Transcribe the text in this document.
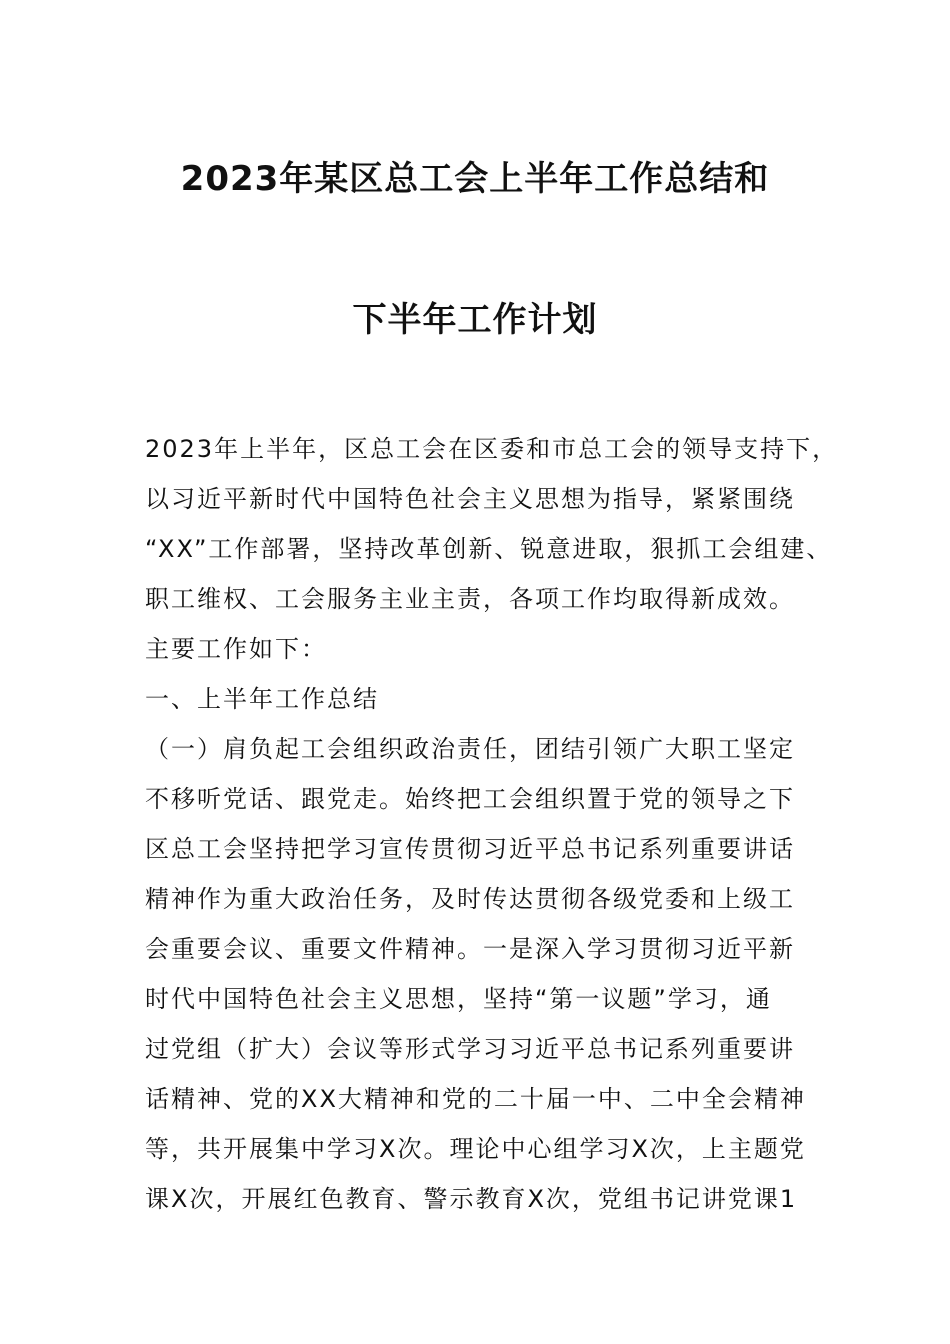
2023年某区总工会上半年工作总结和
下半年工作计划
2023年上半年，区总工会在区委和市总工会的领导支持下，
以习近平新时代中国特色社会主义思想为指导，紧紧围绕
“XX”工作部署，坚持改革创新、锐意进取，狠抓工会组建、
职工维权、工会服务主业主责，各项工作均取得新成效。
主要工作如下：
一、上半年工作总结
（一）肩负起工会组织政治责任，团结引领广大职工坚定
不移听党话、跟党走。始终把工会组织置于党的领导之下
区总工会坚持把学习宣传贯彻习近平总书记系列重要讲话
精神作为重大政治任务，及时传达贯彻各级党委和上级工
会重要会议、重要文件精神。一是深入学习贯彻习近平新
时代中国特色社会主义思想，坚持“第一议题”学习，通
过党组（扩大）会议等形式学习习近平总书记系列重要讲
话精神、党的XX大精神和党的二十届一中、二中全会精神
等，共开展集中学习X次。理论中心组学习X次，上主题党
课X次，开展红色教育、警示教育X次，党组书记讲党课1
